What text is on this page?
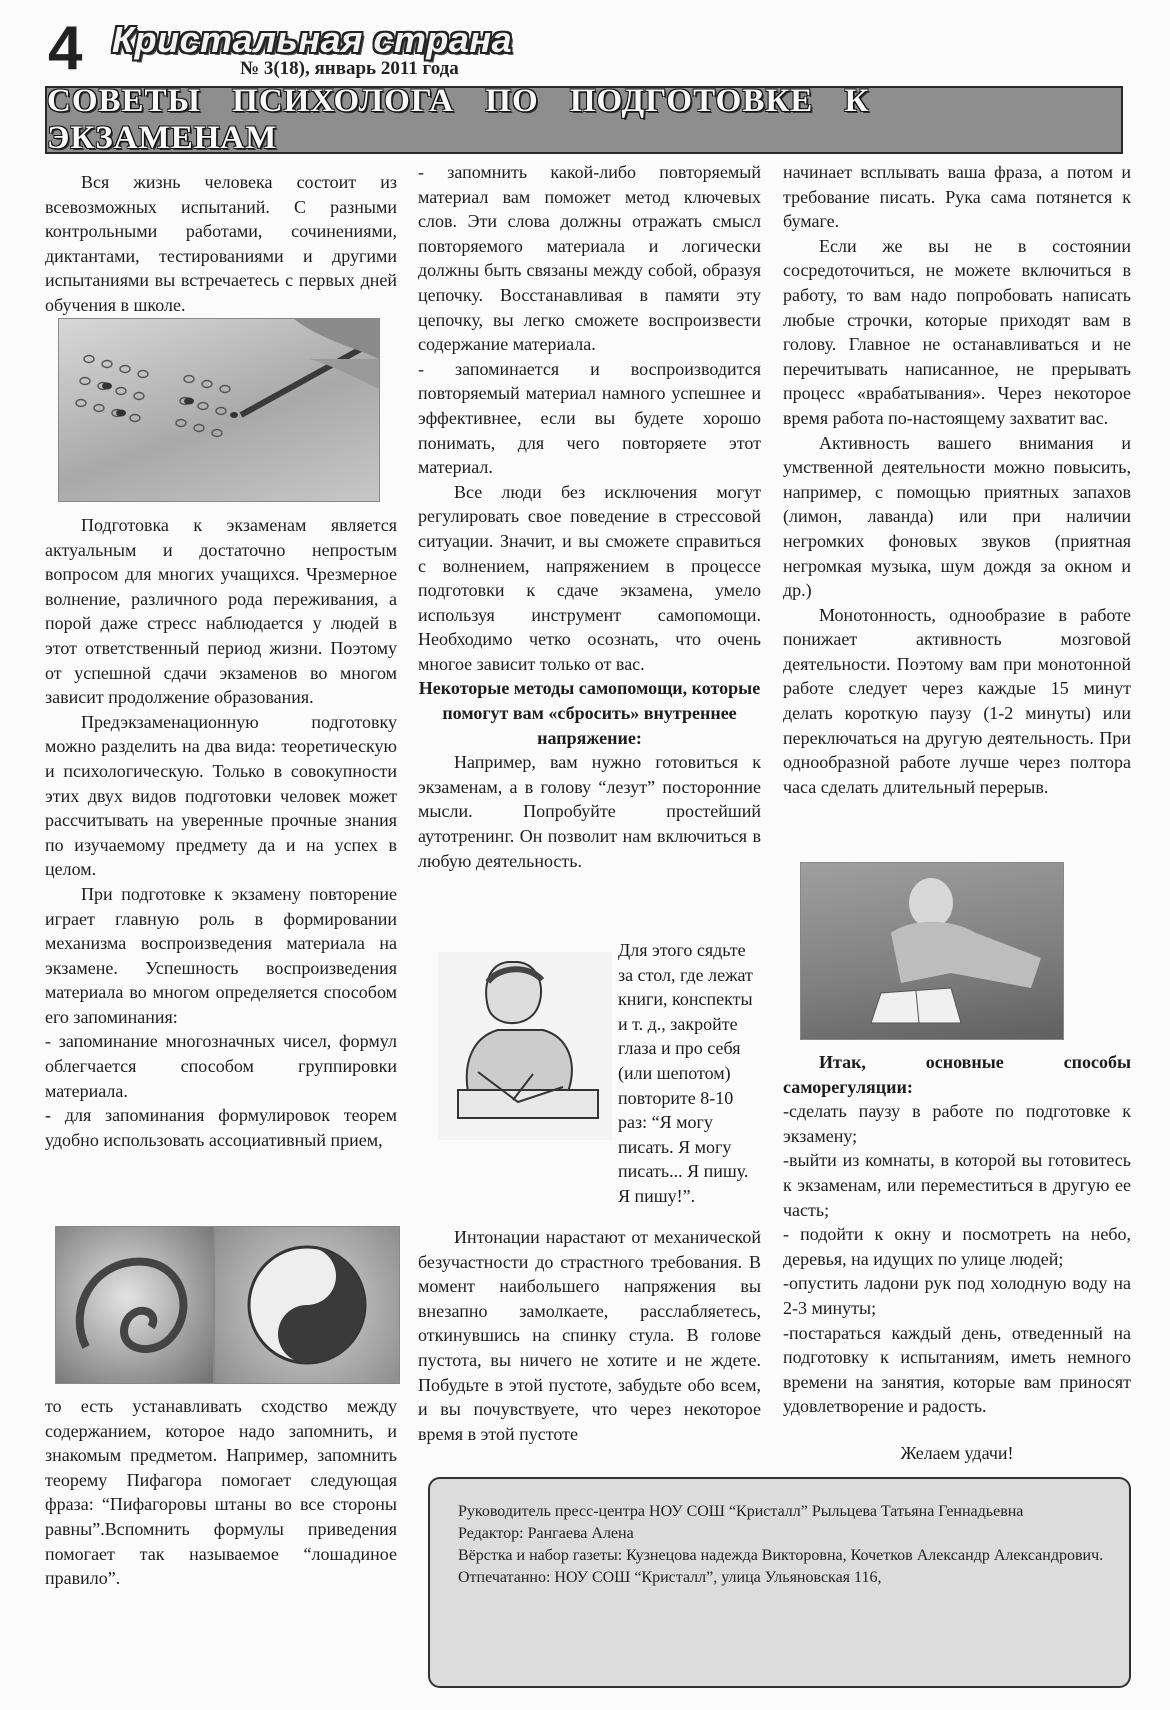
4 Кристальная страна
№ 3(18), январь 2011 года
СОВЕТЫ ПСИХОЛОГА ПО ПОДГОТОВКЕ К ЭКЗАМЕНАМ

Вся жизнь человека состоит из всевозможных испытаний. С разными контрольными работами, сочинениями, диктантами, тестированиями и другими испытаниями вы встречаетесь с первых дней обучения в школе.

Подготовка к экзаменам является актуальным и достаточно непростым вопросом для многих учащихся. Чрезмерное волнение, различного рода переживания, а порой даже стресс наблюдается у людей в этот ответственный период жизни. Поэтому от успешной сдачи экзаменов во многом зависит продолжение образования.

Предэкзаменационную подготовку можно разделить на два вида: теоретическую и психологическую. Только в совокупности этих двух видов подготовки человек может рассчитывать на уверенные прочные знания по изучаемому предмету да и на успех в целом.

При подготовке к экзамену повторение играет главную роль в формировании механизма воспроизведения материала на экзамене. Успешность воспроизведения материала во многом определяется способом его запоминания:

- запоминание многозначных чисел, формул облегчается способом группировки материала.

- для запоминания формулировок теорем удобно использовать ассоциативный прием,

то есть устанавливать сходство между содержанием, которое надо запомнить, и знакомым предметом. Например, запомнить теорему Пифагора помогает следующая фраза: “Пифагоровы штаны во все стороны равны”.Вспомнить формулы приведения помогает так называемое “лошадиное правило”.

- запомнить какой-либо повторяемый материал вам поможет метод ключевых слов. Эти слова должны отражать смысл повторяемого материала и логически должны быть связаны между собой, образуя цепочку. Восстанавливая в памяти эту цепочку, вы легко сможете воспроизвести содержание материала.

- запоминается и воспроизводится повторяемый материал намного успешнее и эффективнее, если вы будете хорошо понимать, для чего повторяете этот материал.

Все люди без исключения могут регулировать свое поведение в стрессовой ситуации. Значит, и вы сможете справиться с волнением, напряжением в процессе подготовки к сдаче экзамена, умело используя инструмент самопомощи. Необходимо четко осознать, что очень многое зависит только от вас.

Некоторые методы самопомощи, которые помогут вам «сбросить» внутреннее напряжение:

Например, вам нужно готовиться к экзаменам, а в голову “лезут” посторонние мысли. Попробуйте простейший аутотренинг. Он позволит нам включиться в любую деятельность.

Для этого сядьте за стол, где лежат книги, конспекты и т. д., закройте глаза и про себя (или шепотом) повторите 8-10 раз: “Я могу писать. Я могу писать... Я пишу. Я пишу!”.

Интонации нарастают от механической безучастности до страстного требования. В момент наибольшего напряжения вы внезапно замолкаете, расслабляетесь, откинувшись на спинку стула. В голове пустота, вы ничего не хотите и не ждете. Побудьте в этой пустоте, забудьте обо всем, и вы почувствуете, что через некоторое время в этой пустоте

начинает всплывать ваша фраза, а потом и требование писать. Рука сама потянется к бумаге.

Если же вы не в состоянии сосредоточиться, не можете включиться в работу, то вам надо попробовать написать любые строчки, которые приходят вам в голову. Главное не останавливаться и не перечитывать написанное, не прерывать процесс «врабатывания». Через некоторое время работа по-настоящему захватит вас.

Активность вашего внимания и умственной деятельности можно повысить, например, с помощью приятных запахов (лимон, лаванда) или при наличии негромких фоновых звуков (приятная негромкая музыка, шум дождя за окном и др.)

Монотонность, однообразие в работе понижает активность мозговой деятельности. Поэтому вам при монотонной работе следует через каждые 15 минут делать короткую паузу (1-2 минуты) или переключаться на другую деятельность. При однообразной работе лучше через полтора часа сделать длительный перерыв.

Итак, основные способы саморегуляции:

-сделать паузу в работе по подготовке к экзамену;

-выйти из комнаты, в которой вы готовитесь к экзаменам, или переместиться в другую ее часть;

- подойти к окну и посмотреть на небо, деревья, на идущих по улице людей;

-опустить ладони рук под холодную воду на 2-3 минуты;

-постараться каждый день, отведенный на подготовку к испытаниям, иметь немного времени на занятия, которые вам приносят удовлетворение и радость.

Желаем удачи!

Руководитель пресс-центра НОУ СОШ “Кристалл” Рыльцева Татьяна Геннадьевна

Редактор: Рангаева Алена

Вёрстка и набор газеты: Кузнецова надежда Викторовна, Кочетков Александр Александрович.

Отпечатанно: НОУ СОШ “Кристалл”, улица Ульяновская 116,
